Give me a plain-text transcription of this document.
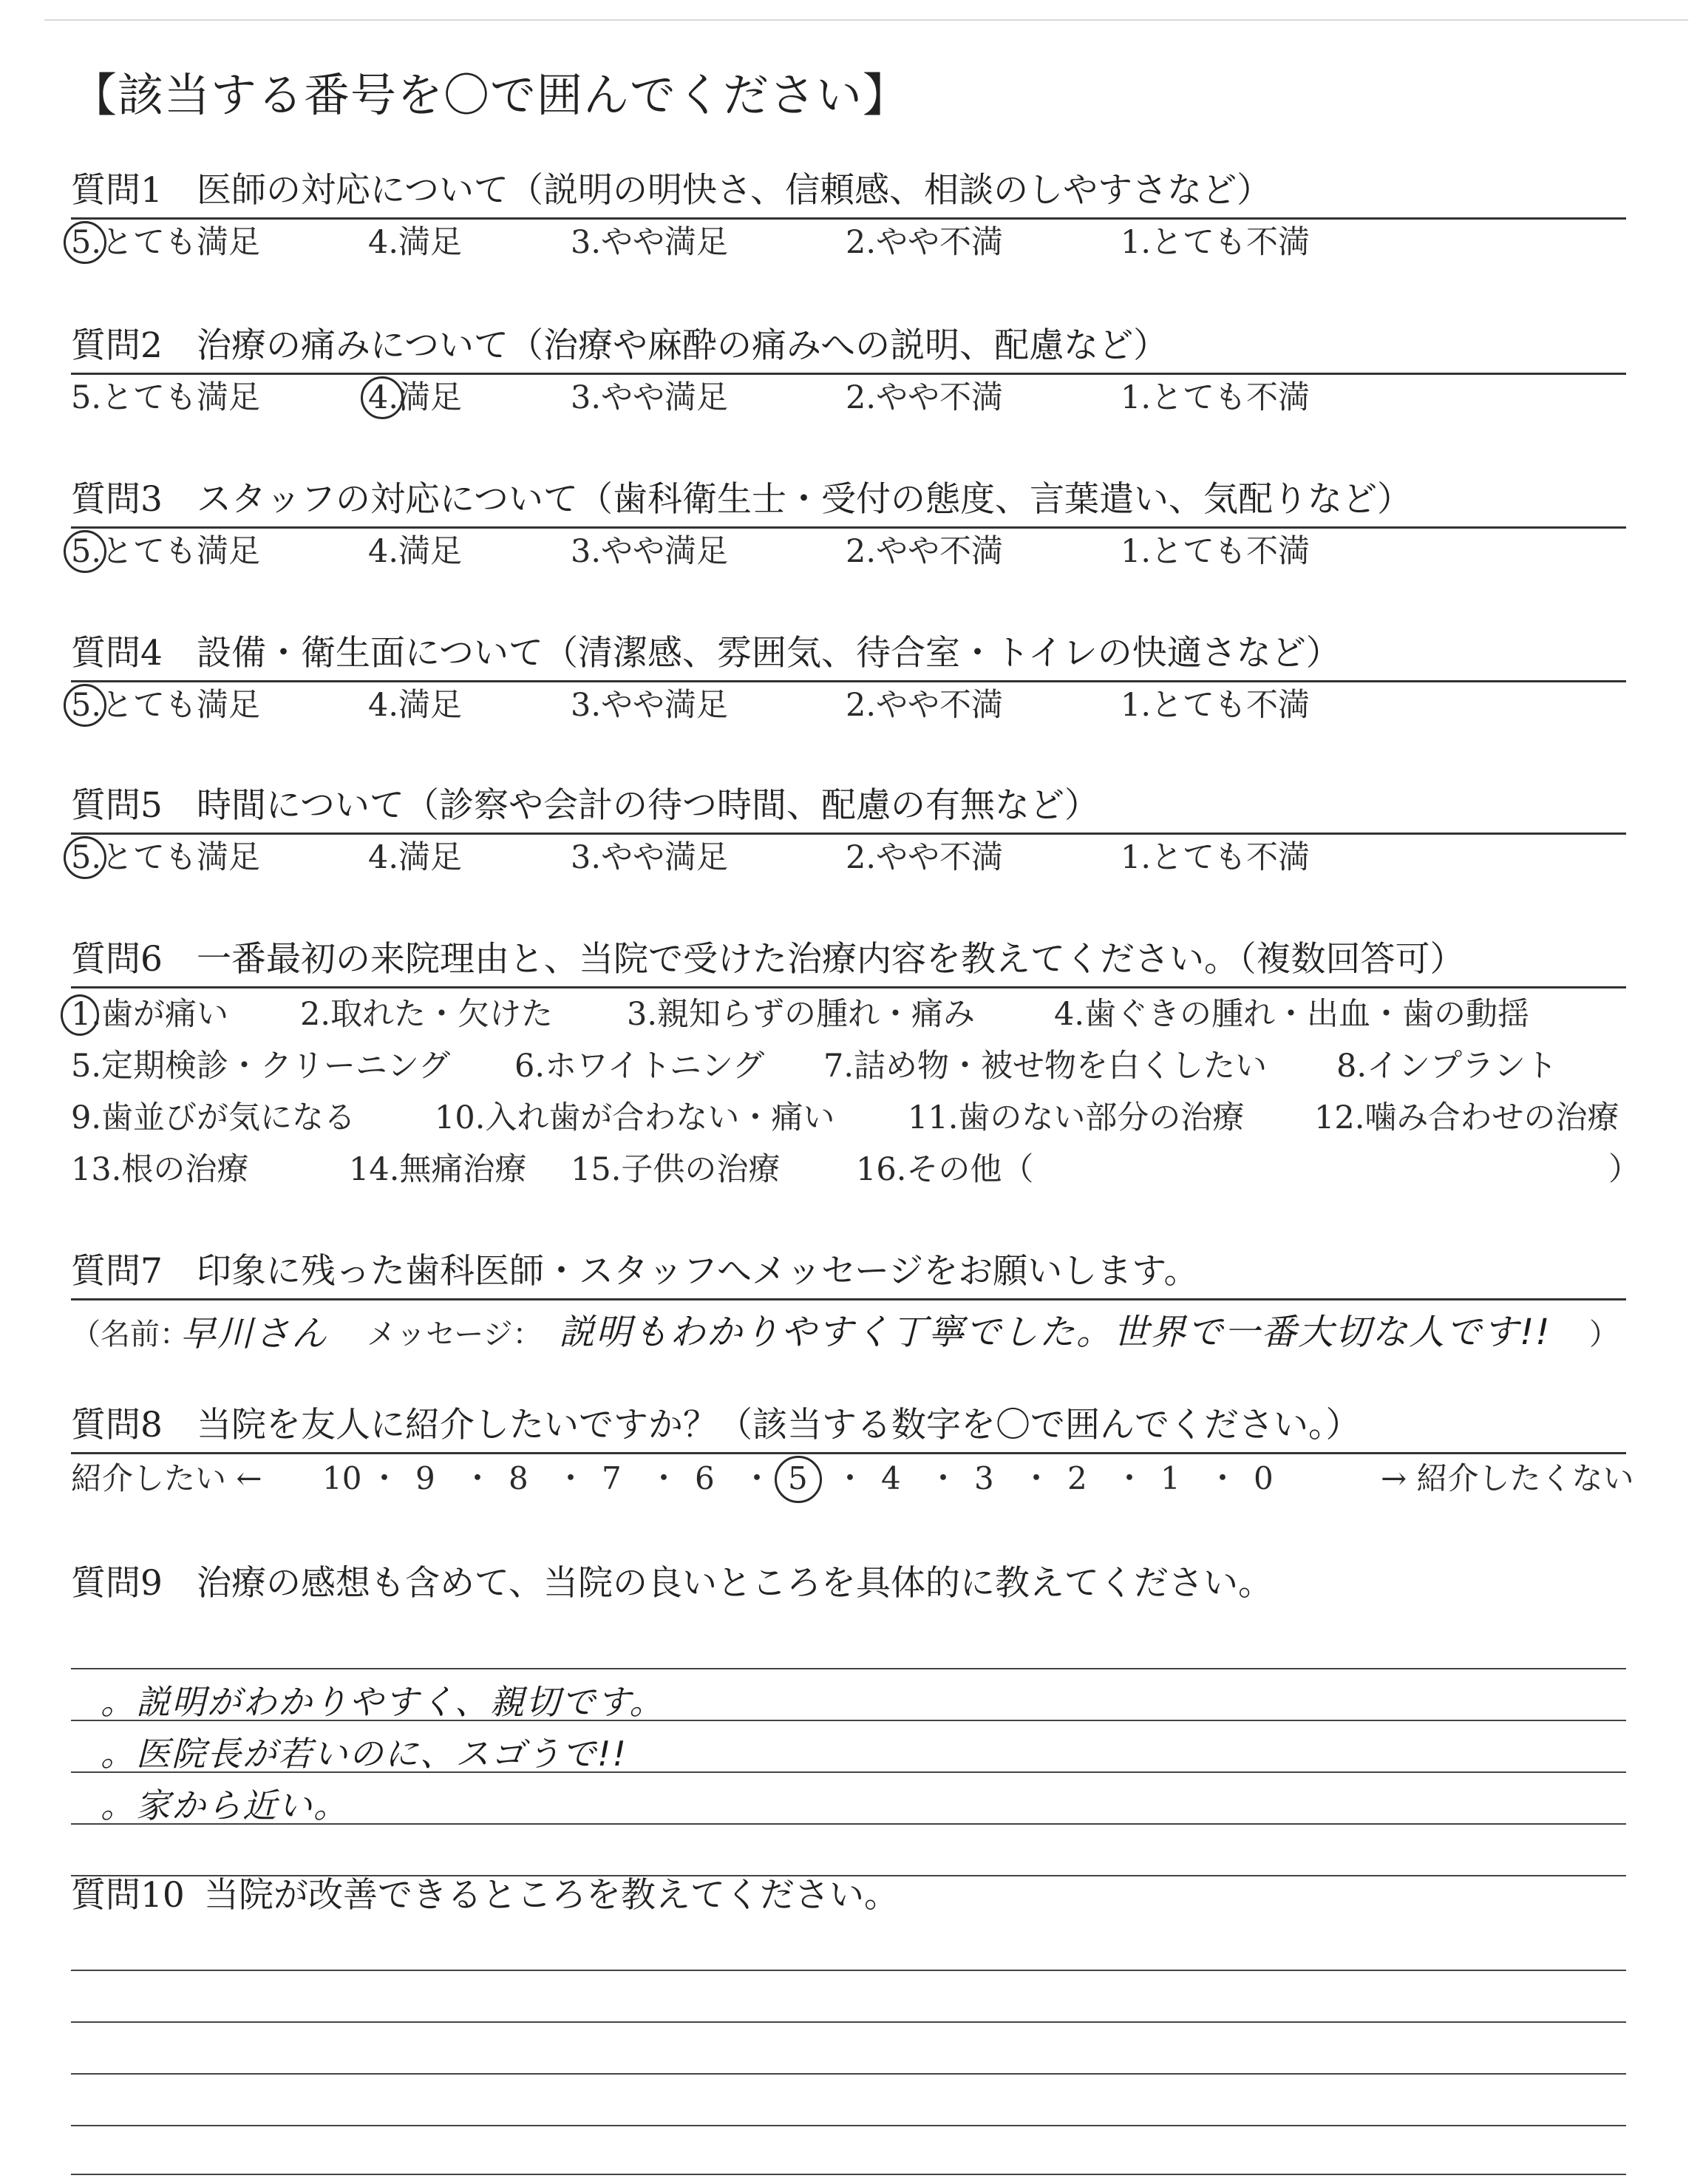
【該当する番号を〇で囲んでください】
質問1 医師の対応について（説明の明快さ、信頼感、相談のしやすさなど）
5.
とても満足	4.満足	3.やや満足	2.やや不満	1.とても不満
質問2 治療の痛みについて（治療や麻酔の痛みへの説明、配慮など）
5.とても満足	4.
満足	3.やや満足	2.やや不満	1.とても不満
質問3 スタッフの対応について（歯科衛生士・受付の態度、言葉遣い、気配りなど）
5.
とても満足	4.満足	3.やや満足	2.やや不満	1.とても不満
質問4 設備・衛生面について（清潔感、雰囲気、待合室・トイレの快適さなど）
5.
とても満足	4.満足	3.やや満足	2.やや不満	1.とても不満
質問5 時間について（診察や会計の待つ時間、配慮の有無など）
5.
とても満足	4.満足	3.やや満足	2.やや不満	1.とても不満
質問6 一番最初の来院理由と、当院で受けた治療内容を教えてください。（複数回答可）
1.
歯が痛い 2.取れた・欠けた 3.親知らずの腫れ・痛み 4.歯ぐきの腫れ・出血・歯の動揺
5.定期検診・クリーニング 6.ホワイトニング 7.詰め物・被せ物を白くしたい 8.インプラント
9.歯並びが気になる 10.入れ歯が合わない・痛い 11.歯のない部分の治療 12.噛み合わせの治療
13.根の治療	14.無痛治療 15.子供の治療 16.その他（	）
質問7 印象に残った歯科医師・スタッフへメッセージをお願いします。
（名前：
早川さん メッセージ： 説明もわかりやすく丁寧でした。世界で一番大切な人です!! ）
質問8 当院を友人に紹介したいですか？（該当する数字を〇で囲んでください。）
紹介したい ←	→ 紹介したくない
10 ・ 9 ・ 8 ・ 7 ・ 6 ・ 5 ・ 4 ・ 3 ・ 2 ・ 1 ・ 0
質問9 治療の感想も含めて、当院の良いところを具体的に教えてください。
。説明がわかりやすく、親切です。
。医院長が若いのに、スゴうで!!
。家から近い。
質問10 当院が改善できるところを教えてください。
